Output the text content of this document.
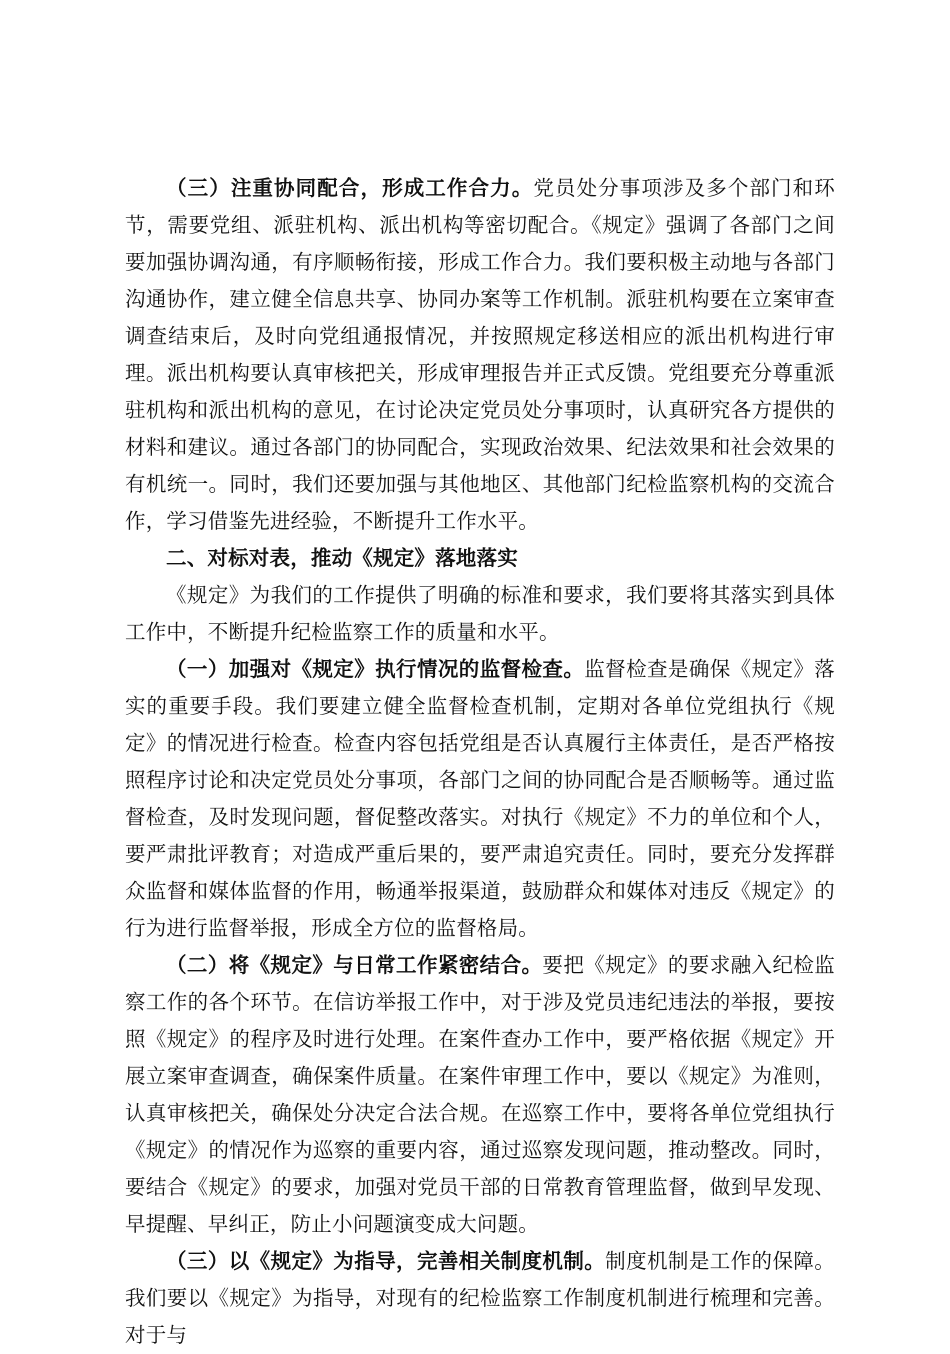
（三）注重协同配合，形成工作合力。党员处分事项涉及多个部门和环节，需要党组、派驻机构、派出机构等密切配合。《规定》强调了各部门之间要加强协调沟通，有序顺畅衔接，形成工作合力。我们要积极主动地与各部门沟通协作，建立健全信息共享、协同办案等工作机制。派驻机构要在立案审查调查结束后，及时向党组通报情况，并按照规定移送相应的派出机构进行审理。派出机构要认真审核把关，形成审理报告并正式反馈。党组要充分尊重派驻机构和派出机构的意见，在讨论决定党员处分事项时，认真研究各方提供的材料和建议。通过各部门的协同配合，实现政治效果、纪法效果和社会效果的有机统一。同时，我们还要加强与其他地区、其他部门纪检监察机构的交流合作，学习借鉴先进经验，不断提升工作水平。

二、对标对表，推动《规定》落地落实

《规定》为我们的工作提供了明确的标准和要求，我们要将其落实到具体工作中，不断提升纪检监察工作的质量和水平。

（一）加强对《规定》执行情况的监督检查。监督检查是确保《规定》落实的重要手段。我们要建立健全监督检查机制，定期对各单位党组执行《规定》的情况进行检查。检查内容包括党组是否认真履行主体责任，是否严格按照程序讨论和决定党员处分事项，各部门之间的协同配合是否顺畅等。通过监督检查，及时发现问题，督促整改落实。对执行《规定》不力的单位和个人，要严肃批评教育；对造成严重后果的，要严肃追究责任。同时，要充分发挥群众监督和媒体监督的作用，畅通举报渠道，鼓励群众和媒体对违反《规定》的行为进行监督举报，形成全方位的监督格局。

（二）将《规定》与日常工作紧密结合。要把《规定》的要求融入纪检监察工作的各个环节。在信访举报工作中，对于涉及党员违纪违法的举报，要按照《规定》的程序及时进行处理。在案件查办工作中，要严格依据《规定》开展立案审查调查，确保案件质量。在案件审理工作中，要以《规定》为准则，认真审核把关，确保处分决定合法合规。在巡察工作中，要将各单位党组执行《规定》的情况作为巡察的重要内容，通过巡察发现问题，推动整改。同时，要结合《规定》的要求，加强对党员干部的日常教育管理监督，做到早发现、早提醒、早纠正，防止小问题演变成大问题。

（三）以《规定》为指导，完善相关制度机制。制度机制是工作的保障。我们要以《规定》为指导，对现有的纪检监察工作制度机制进行梳理和完善。对于与
